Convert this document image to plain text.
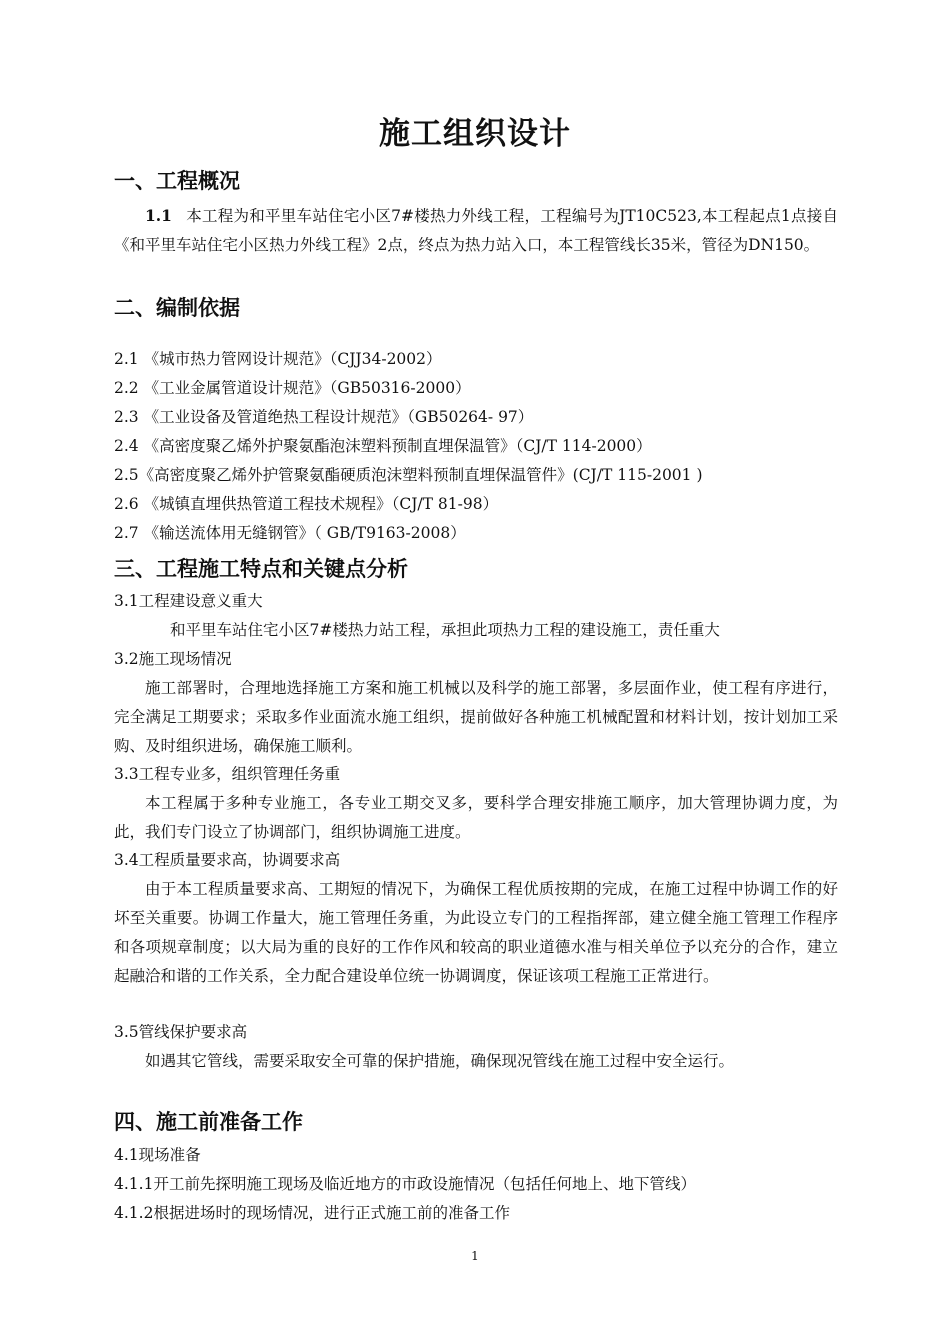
施工组织设计
一、工程概况
1.1 本工程为和平里车站住宅小区7#楼热力外线工程，工程编号为JT10C523,本工程起点1点接自《和平里车站住宅小区热力外线工程》2点，终点为热力站入口，本工程管线长35米，管径为DN150。
二、编制依据
2.1 《城市热力管网设计规范》（CJJ34-2002）
2.2 《工业金属管道设计规范》（GB50316-2000）
2.3 《工业设备及管道绝热工程设计规范》（GB50264- 97）
2.4 《高密度聚乙烯外护聚氨酯泡沫塑料预制直埋保温管》（CJ/T 114-2000）
2.5《高密度聚乙烯外护管聚氨酯硬质泡沫塑料预制直埋保温管件》(CJ/T 115-2001 )
2.6 《城镇直埋供热管道工程技术规程》（CJ/T 81-98）
2.7 《输送流体用无缝钢管》（ GB/T9163-2008）
三、工程施工特点和关键点分析
3.1工程建设意义重大
和平里车站住宅小区7#楼热力站工程，承担此项热力工程的建设施工，责任重大
3.2施工现场情况
施工部署时，合理地选择施工方案和施工机械以及科学的施工部署，多层面作业，使工程有序进行，完全满足工期要求；采取多作业面流水施工组织，提前做好各种施工机械配置和材料计划，按计划加工采购、及时组织进场，确保施工顺利。
3.3工程专业多，组织管理任务重
本工程属于多种专业施工，各专业工期交叉多，要科学合理安排施工顺序，加大管理协调力度，为此，我们专门设立了协调部门，组织协调施工进度。
3.4工程质量要求高，协调要求高
由于本工程质量要求高、工期短的情况下，为确保工程优质按期的完成，在施工过程中协调工作的好坏至关重要。协调工作量大，施工管理任务重，为此设立专门的工程指挥部，建立健全施工管理工作程序和各项规章制度；以大局为重的良好的工作作风和较高的职业道德水准与相关单位予以充分的合作，建立起融洽和谐的工作关系，全力配合建设单位统一协调调度，保证该项工程施工正常进行。
3.5管线保护要求高
如遇其它管线，需要采取安全可靠的保护措施，确保现况管线在施工过程中安全运行。
四、施工前准备工作
4.1现场准备
4.1.1开工前先探明施工现场及临近地方的市政设施情况（包括任何地上、地下管线）
4.1.2根据进场时的现场情况，进行正式施工前的准备工作
1
